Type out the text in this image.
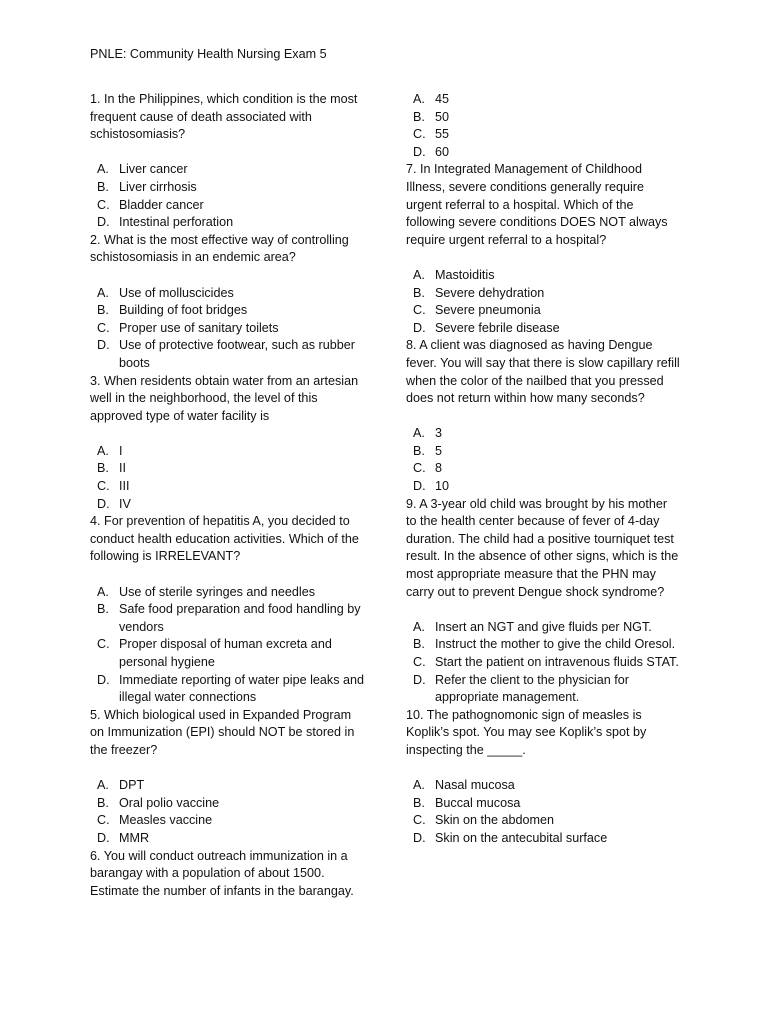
PNLE: Community Health Nursing Exam 5

1. In the Philippines, which condition is the most frequent cause of death associated with schistosomiasis?

A. Liver cancer
B. Liver cirrhosis
C. Bladder cancer
D. Intestinal perforation

2. What is the most effective way of controlling schistosomiasis in an endemic area?

A. Use of molluscicides
B. Building of foot bridges
C. Proper use of sanitary toilets
D. Use of protective footwear, such as rubber boots

3. When residents obtain water from an artesian well in the neighborhood, the level of this approved type of water facility is

A. I
B. II
C. III
D. IV

4. For prevention of hepatitis A, you decided to conduct health education activities. Which of the following is IRRELEVANT?

A. Use of sterile syringes and needles
B. Safe food preparation and food handling by vendors
C. Proper disposal of human excreta and personal hygiene
D. Immediate reporting of water pipe leaks and illegal water connections

5. Which biological used in Expanded Program on Immunization (EPI) should NOT be stored in the freezer?

A. DPT
B. Oral polio vaccine
C. Measles vaccine
D. MMR

6. You will conduct outreach immunization in a barangay with a population of about 1500. Estimate the number of infants in the barangay.

A. 45
B. 50
C. 55
D. 60

7. In Integrated Management of Childhood Illness, severe conditions generally require urgent referral to a hospital. Which of the following severe conditions DOES NOT always require urgent referral to a hospital?

A. Mastoiditis
B. Severe dehydration
C. Severe pneumonia
D. Severe febrile disease

8. A client was diagnosed as having Dengue fever. You will say that there is slow capillary refill when the color of the nailbed that you pressed does not return within how many seconds?

A. 3
B. 5
C. 8
D. 10

9. A 3-year old child was brought by his mother to the health center because of fever of 4-day duration. The child had a positive tourniquet test result. In the absence of other signs, which is the most appropriate measure that the PHN may carry out to prevent Dengue shock syndrome?

A. Insert an NGT and give fluids per NGT.
B. Instruct the mother to give the child Oresol.
C. Start the patient on intravenous fluids STAT.
D. Refer the client to the physician for appropriate management.

10. The pathognomonic sign of measles is Koplik’s spot. You may see Koplik’s spot by inspecting the _____.

A. Nasal mucosa
B. Buccal mucosa
C. Skin on the abdomen
D. Skin on the antecubital surface
